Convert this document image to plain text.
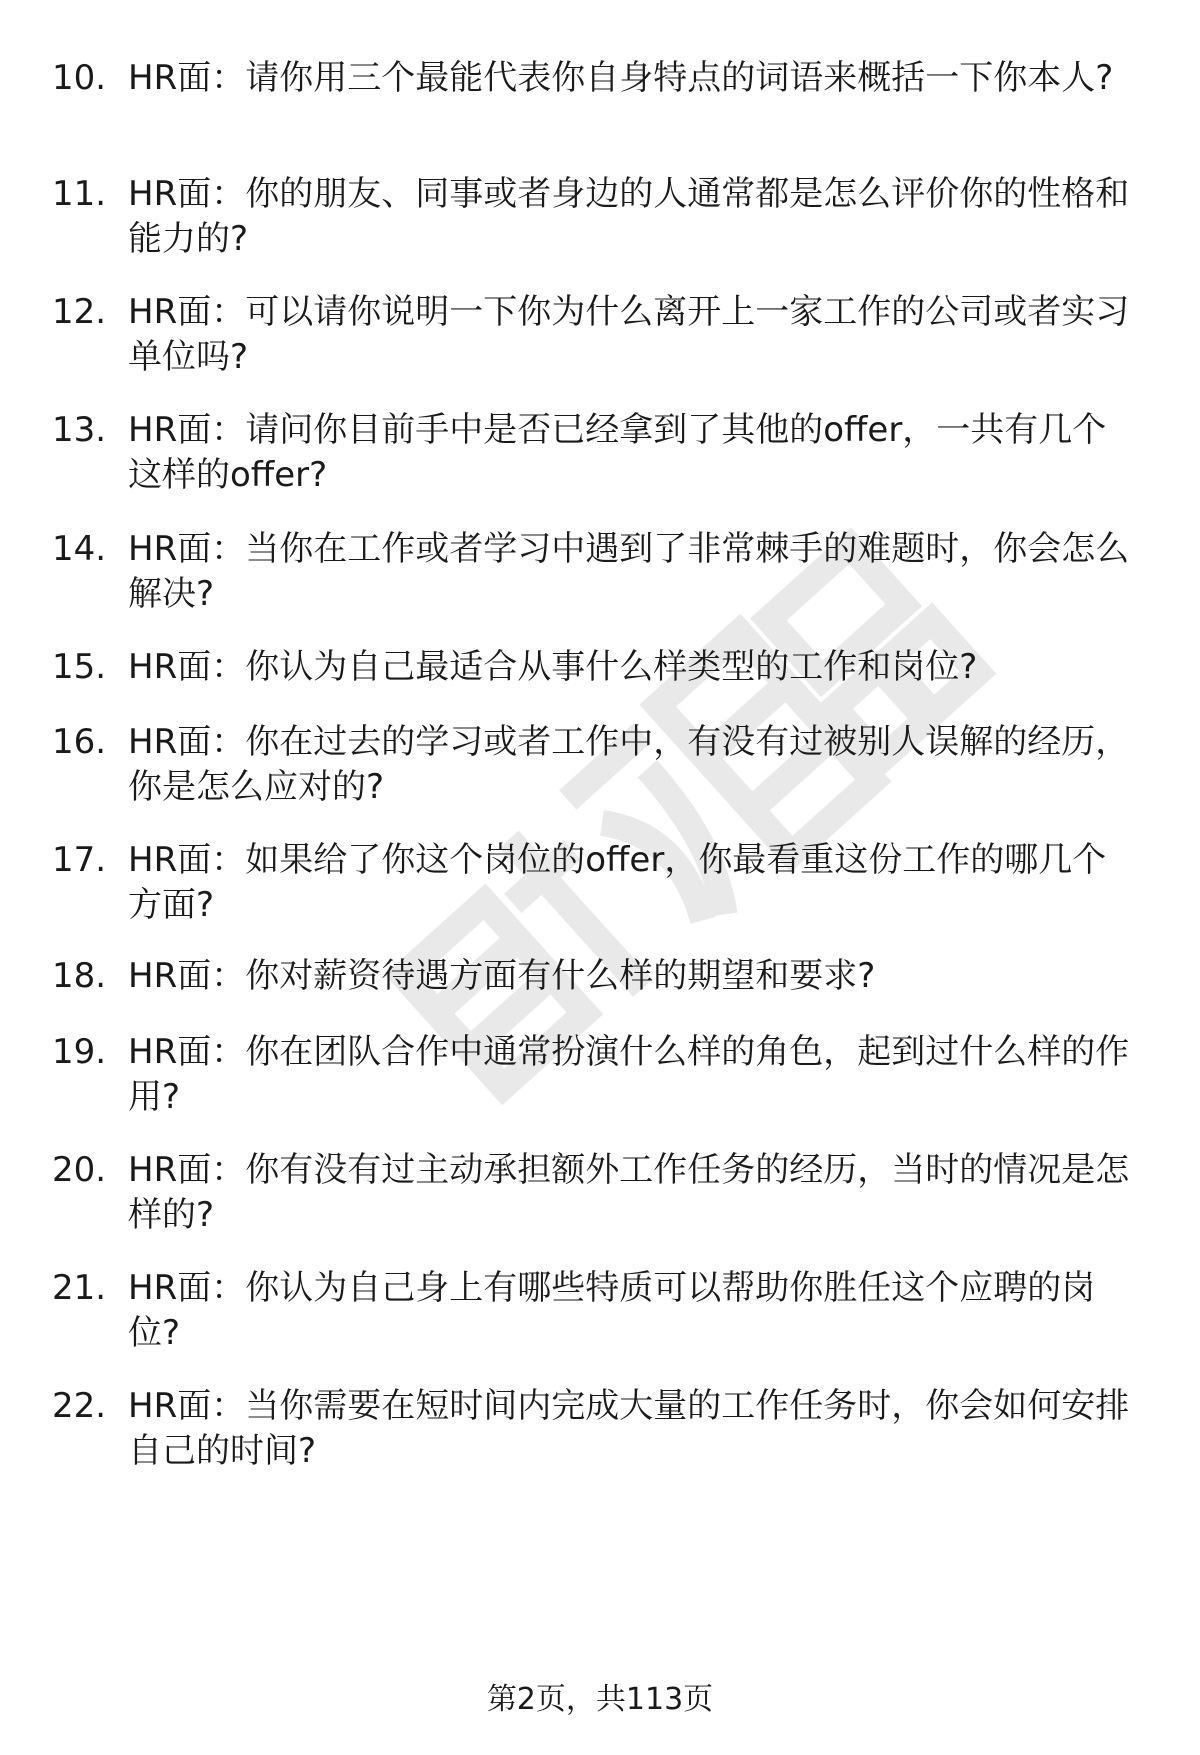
10. HR面：请你用三个最能代表你自身特点的词语来概括一下你本人?
11. HR面：你的朋友、同事或者身边的人通常都是怎么评价你的性格和能力的?
12. HR面：可以请你说明一下你为什么离开上一家工作的公司或者实习单位吗?
13. HR面：请问你目前手中是否已经拿到了其他的offer，一共有几个这样的offer?
14. HR面：当你在工作或者学习中遇到了非常棘手的难题时，你会怎么解决?
15. HR面：你认为自己最适合从事什么样类型的工作和岗位?
16. HR面：你在过去的学习或者工作中，有没有过被别人误解的经历，你是怎么应对的?
17. HR面：如果给了你这个岗位的offer，你最看重这份工作的哪几个方面?
18. HR面：你对薪资待遇方面有什么样的期望和要求?
19. HR面：你在团队合作中通常扮演什么样的角色，起到过什么样的作用?
20. HR面：你有没有过主动承担额外工作任务的经历，当时的情况是怎样的?
21. HR面：你认为自己身上有哪些特质可以帮助你胜任这个应聘的岗位?
22. HR面：当你需要在短时间内完成大量的工作任务时，你会如何安排自己的时间?
第2页，共113页
